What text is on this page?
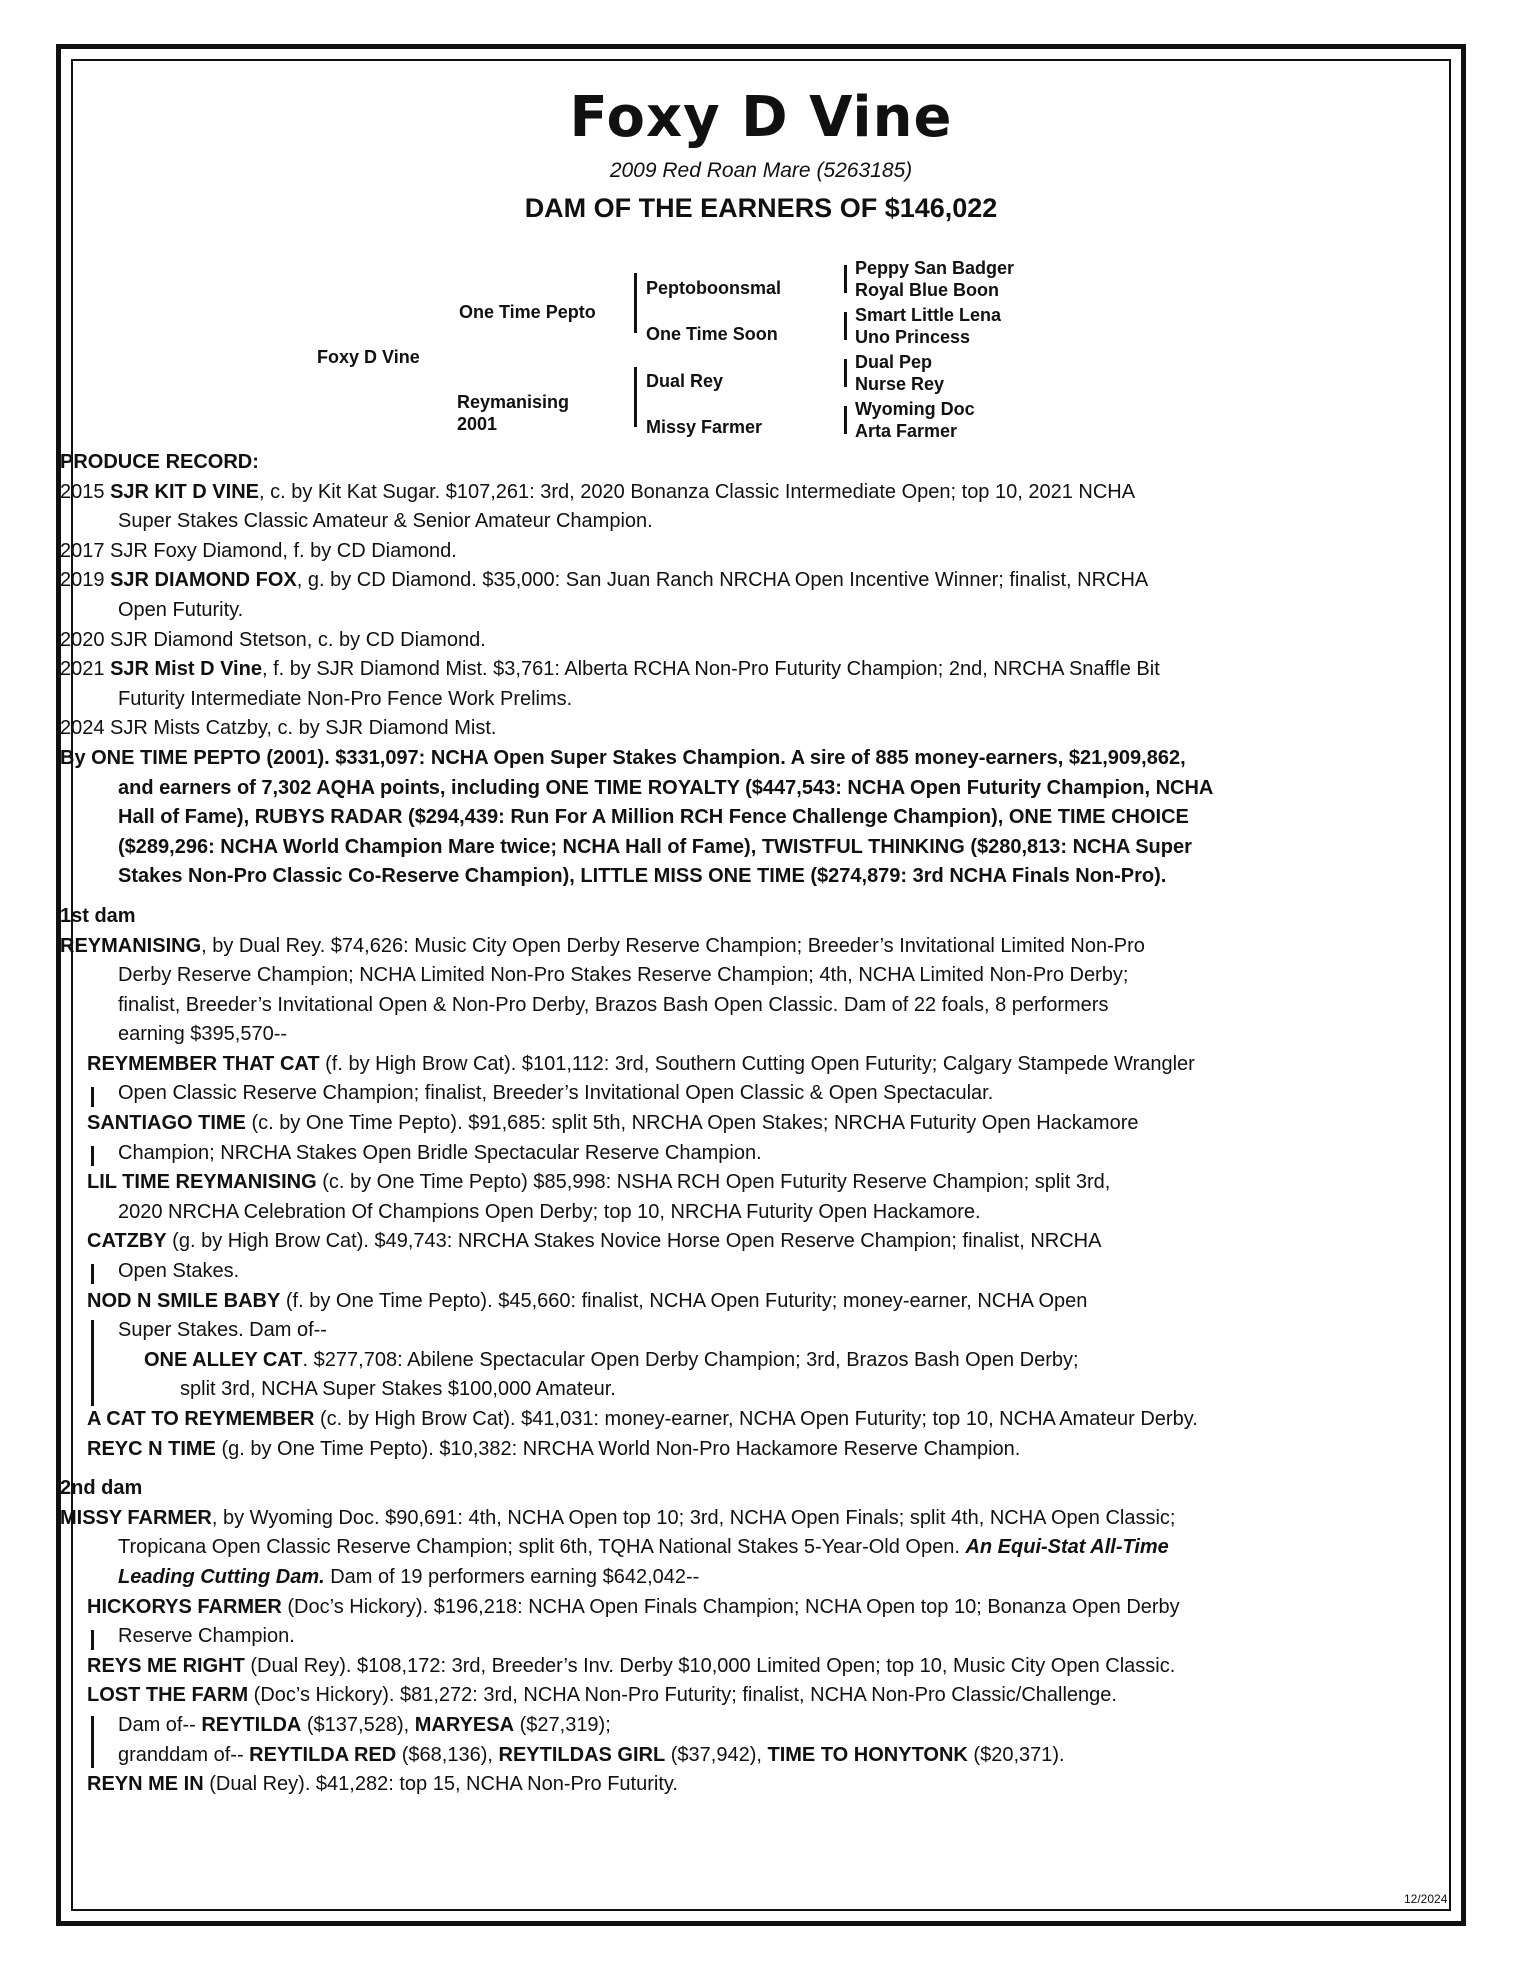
Foxy D Vine
2009 Red Roan Mare (5263185)
DAM OF THE EARNERS OF $146,022
Foxy D Vine
One Time Pepto
Reymanising
2001
Peptoboonsmal
One Time Soon
Dual Rey
Missy Farmer
Peppy San Badger
Royal Blue Boon
Smart Little Lena
Uno Princess
Dual Pep
Nurse Rey
Wyoming Doc
Arta Farmer
PRODUCE RECORD:
2015 SJR KIT D VINE, c. by Kit Kat Sugar. $107,261: 3rd, 2020 Bonanza Classic Intermediate Open; top 10, 2021 NCHA
Super Stakes Classic Amateur & Senior Amateur Champion.
2017 SJR Foxy Diamond, f. by CD Diamond.
2019 SJR DIAMOND FOX, g. by CD Diamond. $35,000: San Juan Ranch NRCHA Open Incentive Winner; finalist, NRCHA
Open Futurity.
2020 SJR Diamond Stetson, c. by CD Diamond.
2021 SJR Mist D Vine, f. by SJR Diamond Mist. $3,761: Alberta RCHA Non-Pro Futurity Champion; 2nd, NRCHA Snaffle Bit
Futurity Intermediate Non-Pro Fence Work Prelims.
2024 SJR Mists Catzby, c. by SJR Diamond Mist.
By ONE TIME PEPTO (2001). $331,097: NCHA Open Super Stakes Champion. A sire of 885 money-earners, $21,909,862,
and earners of 7,302 AQHA points, including ONE TIME ROYALTY ($447,543: NCHA Open Futurity Champion, NCHA
Hall of Fame), RUBYS RADAR ($294,439: Run For A Million RCH Fence Challenge Champion), ONE TIME CHOICE
($289,296: NCHA World Champion Mare twice; NCHA Hall of Fame), TWISTFUL THINKING ($280,813: NCHA Super
Stakes Non-Pro Classic Co-Reserve Champion), LITTLE MISS ONE TIME ($274,879: 3rd NCHA Finals Non-Pro).
1st dam
REYMANISING, by Dual Rey. $74,626: Music City Open Derby Reserve Champion; Breeder’s Invitational Limited Non-Pro
Derby Reserve Champion; NCHA Limited Non-Pro Stakes Reserve Champion; 4th, NCHA Limited Non-Pro Derby;
finalist, Breeder’s Invitational Open & Non-Pro Derby, Brazos Bash Open Classic. Dam of 22 foals, 8 performers
earning $395,570--
REYMEMBER THAT CAT (f. by High Brow Cat). $101,112: 3rd, Southern Cutting Open Futurity; Calgary Stampede Wrangler
Open Classic Reserve Champion; finalist, Breeder’s Invitational Open Classic & Open Spectacular.
SANTIAGO TIME (c. by One Time Pepto). $91,685: split 5th, NRCHA Open Stakes; NRCHA Futurity Open Hackamore
Champion; NRCHA Stakes Open Bridle Spectacular Reserve Champion.
LIL TIME REYMANISING (c. by One Time Pepto) $85,998: NSHA RCH Open Futurity Reserve Champion; split 3rd,
2020 NRCHA Celebration Of Champions Open Derby; top 10, NRCHA Futurity Open Hackamore.
CATZBY (g. by High Brow Cat). $49,743: NRCHA Stakes Novice Horse Open Reserve Champion; finalist, NRCHA
Open Stakes.
NOD N SMILE BABY (f. by One Time Pepto). $45,660: finalist, NCHA Open Futurity; money-earner, NCHA Open
Super Stakes. Dam of--
ONE ALLEY CAT. $277,708: Abilene Spectacular Open Derby Champion; 3rd, Brazos Bash Open Derby;
split 3rd, NCHA Super Stakes $100,000 Amateur.
A CAT TO REYMEMBER (c. by High Brow Cat). $41,031: money-earner, NCHA Open Futurity; top 10, NCHA Amateur Derby.
REYC N TIME (g. by One Time Pepto). $10,382: NRCHA World Non-Pro Hackamore Reserve Champion.
2nd dam
MISSY FARMER, by Wyoming Doc. $90,691: 4th, NCHA Open top 10; 3rd, NCHA Open Finals; split 4th, NCHA Open Classic;
Tropicana Open Classic Reserve Champion; split 6th, TQHA National Stakes 5-Year-Old Open. An Equi-Stat All-Time
Leading Cutting Dam. Dam of 19 performers earning $642,042--
HICKORYS FARMER (Doc’s Hickory). $196,218: NCHA Open Finals Champion; NCHA Open top 10; Bonanza Open Derby
Reserve Champion.
REYS ME RIGHT (Dual Rey). $108,172: 3rd, Breeder’s Inv. Derby $10,000 Limited Open; top 10, Music City Open Classic.
LOST THE FARM (Doc’s Hickory). $81,272: 3rd, NCHA Non-Pro Futurity; finalist, NCHA Non-Pro Classic/Challenge.
Dam of-- REYTILDA ($137,528), MARYESA ($27,319);
granddam of-- REYTILDA RED ($68,136), REYTILDAS GIRL ($37,942), TIME TO HONYTONK ($20,371).
REYN ME IN (Dual Rey). $41,282: top 15, NCHA Non-Pro Futurity.
12/2024
